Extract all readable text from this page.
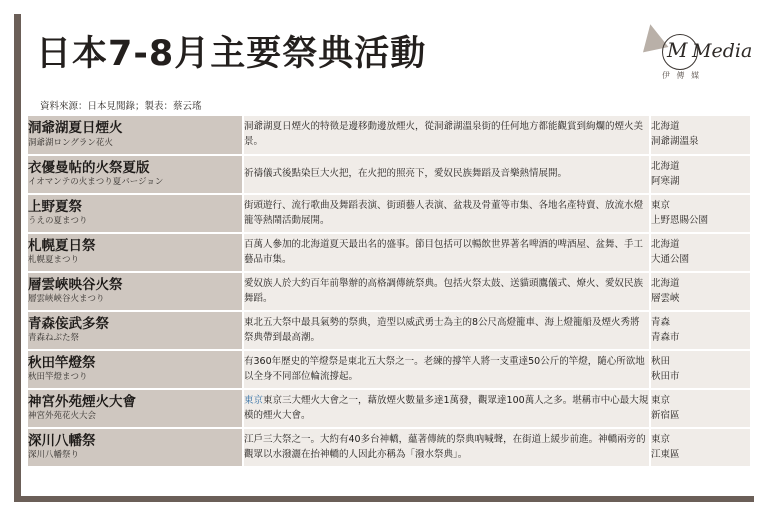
日本7-8月主要祭典活動
資料來源：日本見聞錄；製表：蔡云瑤
M Media
伊 傳 媒
洞爺湖夏日煙火
洞爺湖ロングラン花火
	洞爺湖夏日煙火的特徵是邊移動邊放煙火，從洞爺湖溫泉街的任何地方都能觀賞到絢爛的煙火美景。	
北海道
洞爺湖溫泉

衣優曼帖的火祭夏版
イオマンテの火まつり夏バージョン
	祈禱儀式後點染巨大火把，在火把的照亮下，愛奴民族舞蹈及音樂熱情展開。	
北海道
阿寒湖

上野夏祭
うえの夏まつり
	街頭遊行、流行歌曲及舞蹈表演、街頭藝人表演、盆栽及骨董等市集、各地名產特賣、放流水燈籠等熱鬧活動展開。	
東京
上野恩賜公園

札幌夏日祭
札幌夏まつり
	百萬人參加的北海道夏天最出名的盛事。節目包括可以暢飲世界著名啤酒的啤酒屋、盆舞、手工藝品市集。	
北海道
大通公園

層雲峽映谷火祭
層雲峽峽谷火まつり
	愛奴族人於大約百年前舉辦的高格調傳統祭典。包括火祭太鼓、送貓頭鷹儀式、燎火、愛奴民族舞蹈。	
北海道
層雲峽

青森侫武多祭
青森ねぶた祭
	東北五大祭中最具氣勢的祭典，造型以威武勇士為主的8公尺高燈籠車、海上燈籠船及煙火秀將祭典帶到最高潮。	
青森
青森市

秋田竿燈祭
秋田竿燈まつり
	有360年歷史的竿燈祭是東北五大祭之一。老練的撐竿人將一支重達50公斤的竿燈，隨心所欲地以全身不同部位輪流撐起。	
秋田
秋田市

神宮外苑煙火大會
神宮外苑花火大会
	東京東京三大煙火大會之一，藉放煙火數量多達1萬發，觀眾達100萬人之多。堪稱市中心最大規模的煙火大會。	
東京
新宿區

深川八幡祭
深川八幡祭り
	江戶三大祭之一。大約有40多台神轎，蘊著傳統的祭典吶喊聲，在街道上緩步前進。神轎兩旁的觀眾以水潑灑在抬神轎的人因此亦稱為「潑水祭典」。	
東京
江東區
